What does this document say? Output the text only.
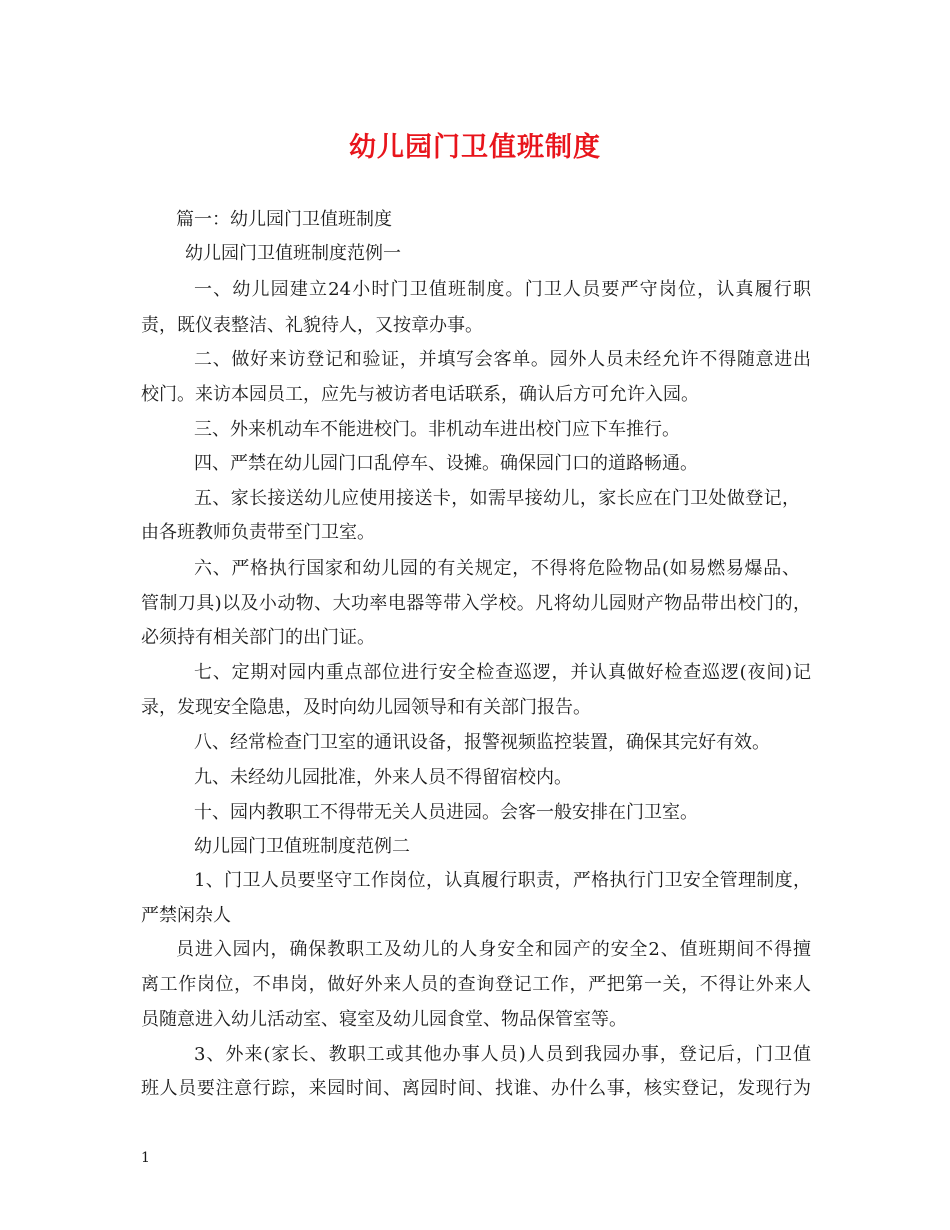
幼儿园门卫值班制度

篇一：幼儿园门卫值班制度

幼儿园门卫值班制度范例一

一、幼儿园建立24小时门卫值班制度。门卫人员要严守岗位，认真履行职

责，既仪表整洁、礼貌待人，又按章办事。

二、做好来访登记和验证，并填写会客单。园外人员未经允许不得随意进出

校门。来访本园员工，应先与被访者电话联系，确认后方可允许入园。

三、外来机动车不能进校门。非机动车进出校门应下车推行。

四、严禁在幼儿园门口乱停车、设摊。确保园门口的道路畅通。

五、家长接送幼儿应使用接送卡，如需早接幼儿，家长应在门卫处做登记，

由各班教师负责带至门卫室。

六、严格执行国家和幼儿园的有关规定，不得将危险物品(如易燃易爆品、

管制刀具)以及小动物、大功率电器等带入学校。凡将幼儿园财产物品带出校门的，

必须持有相关部门的出门证。

七、定期对园内重点部位进行安全检查巡逻，并认真做好检查巡逻(夜间)记

录，发现安全隐患，及时向幼儿园领导和有关部门报告。

八、经常检查门卫室的通讯设备，报警视频监控装置，确保其完好有效。

九、未经幼儿园批准，外来人员不得留宿校内。

十、园内教职工不得带无关人员进园。会客一般安排在门卫室。

幼儿园门卫值班制度范例二

1、门卫人员要坚守工作岗位，认真履行职责，严格执行门卫安全管理制度，

严禁闲杂人

员进入园内，确保教职工及幼儿的人身安全和园产的安全2、值班期间不得擅

离工作岗位，不串岗，做好外来人员的查询登记工作，严把第一关，不得让外来人

员随意进入幼儿活动室、寝室及幼儿园食堂、物品保管室等。

3、外来(家长、教职工或其他办事人员)人员到我园办事，登记后，门卫值

班人员要注意行踪，来园时间、离园时间、找谁、办什么事，核实登记，发现行为

1
